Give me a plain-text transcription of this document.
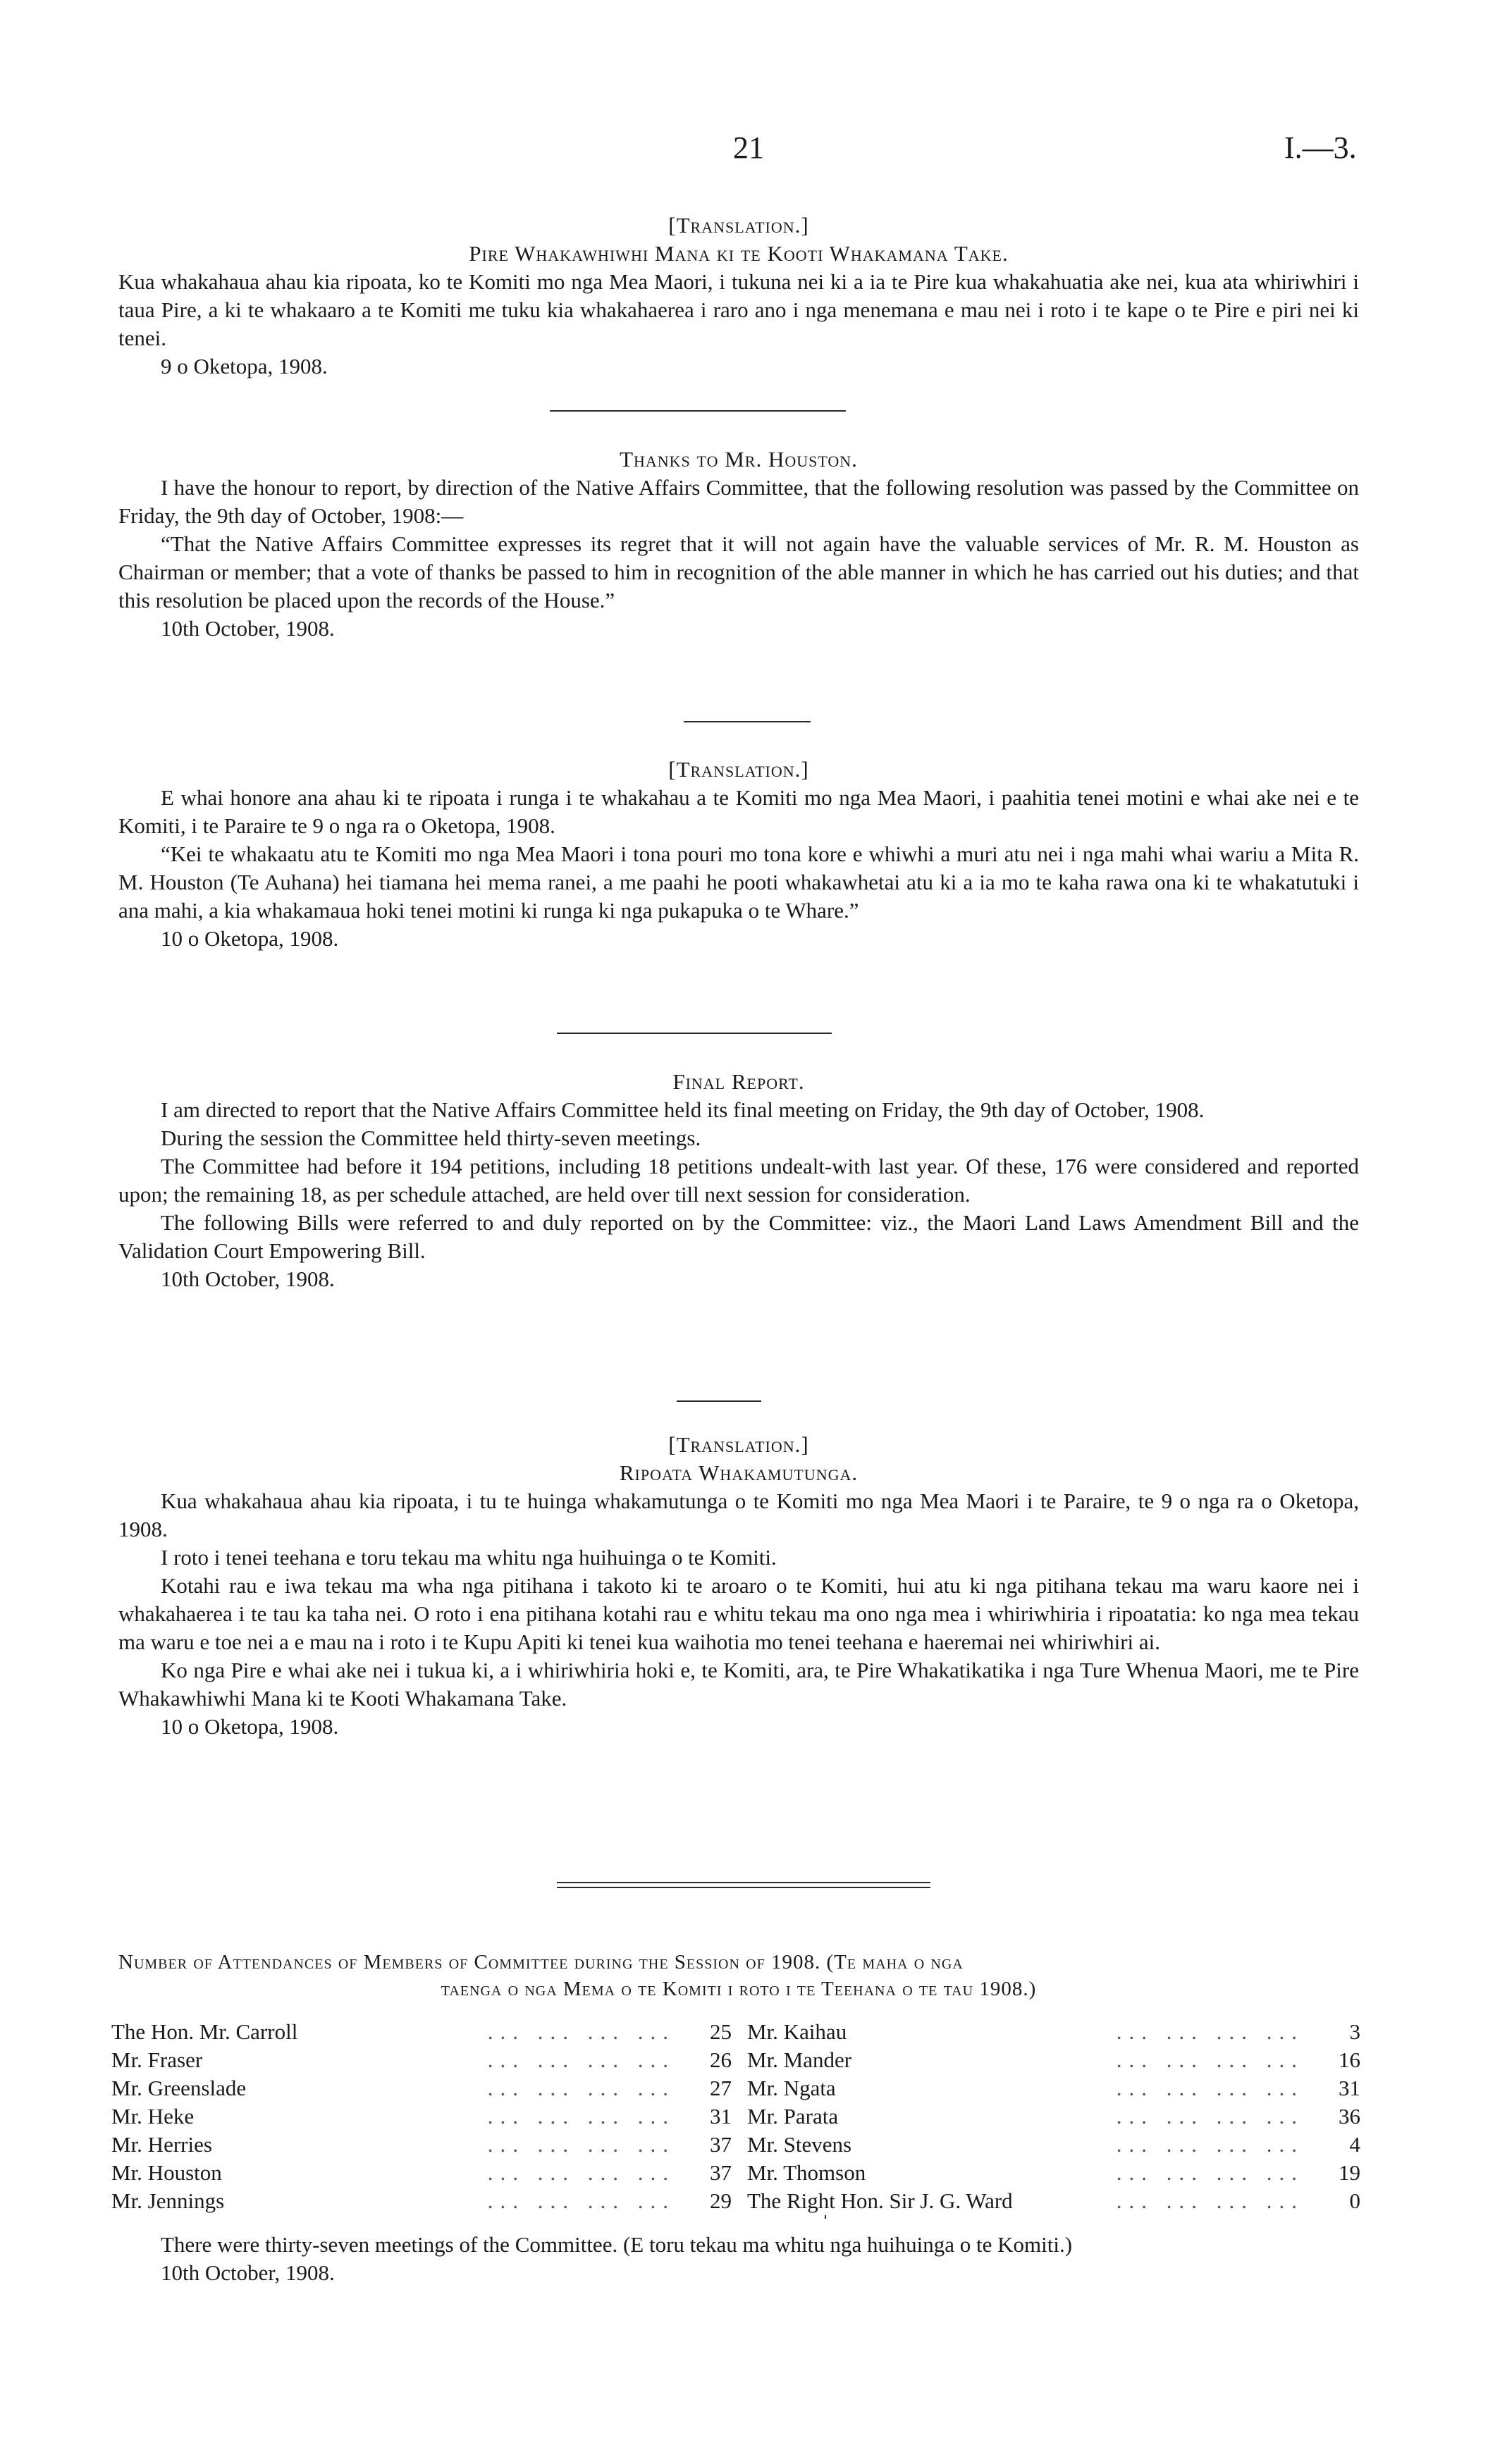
21	I.—3.
[Translation.]
Pire Whakawhiwhi Mana ki te Kooti Whakamana Take.

Kua whakahaua ahau kia ripoata, ko te Komiti mo nga Mea Maori, i tukuna nei ki a ia te Pire kua whakahuatia ake nei, kua ata whiriwhiri i taua Pire, a ki te whakaaro a te Komiti me tuku kia whakahaerea i raro ano i nga menemana e mau nei i roto i te kape o te Pire e piri nei ki tenei.

9 o Oketopa, 1908.

Thanks to Mr. Houston.

I have the honour to report, by direction of the Native Affairs Committee, that the following resolution was passed by the Committee on Friday, the 9th day of October, 1908:—

“That the Native Affairs Committee expresses its regret that it will not again have the valuable services of Mr. R. M. Houston as Chairman or member; that a vote of thanks be passed to him in recognition of the able manner in which he has carried out his duties; and that this resolution be placed upon the records of the House.”

10th October, 1908.

[Translation.]

E whai honore ana ahau ki te ripoata i runga i te whakahau a te Komiti mo nga Mea Maori, i paahitia tenei motini e whai ake nei e te Komiti, i te Paraire te 9 o nga ra o Oketopa, 1908.

“Kei te whakaatu atu te Komiti mo nga Mea Maori i tona pouri mo tona kore e whiwhi a muri atu nei i nga mahi whai wariu a Mita R. M. Houston (Te Auhana) hei tiamana hei mema ranei, a me paahi he pooti whakawhetai atu ki a ia mo te kaha rawa ona ki te whakatutuki i ana mahi, a kia whakamaua hoki tenei motini ki runga ki nga pukapuka o te Whare.”

10 o Oketopa, 1908.

Final Report.

I am directed to report that the Native Affairs Committee held its final meeting on Friday, the 9th day of October, 1908.

During the session the Committee held thirty-seven meetings.

The Committee had before it 194 petitions, including 18 petitions undealt-with last year. Of these, 176 were considered and reported upon; the remaining 18, as per schedule attached, are held over till next session for consideration.

The following Bills were referred to and duly reported on by the Committee: viz., the Maori Land Laws Amendment Bill and the Validation Court Empowering Bill.

10th October, 1908.

[Translation.]
Ripoata Whakamutunga.

Kua whakahaua ahau kia ripoata, i tu te huinga whakamutunga o te Komiti mo nga Mea Maori i te Paraire, te 9 o nga ra o Oketopa, 1908.

I roto i tenei teehana e toru tekau ma whitu nga huihuinga o te Komiti.

Kotahi rau e iwa tekau ma wha nga pitihana i takoto ki te aroaro o te Komiti, hui atu ki nga pitihana tekau ma waru kaore nei i whakahaerea i te tau ka taha nei. O roto i ena pitihana kotahi rau e whitu tekau ma ono nga mea i whiriwhiria i ripoatatia: ko nga mea tekau ma waru e toe nei a e mau na i roto i te Kupu Apiti ki tenei kua waihotia mo tenei teehana e haeremai nei whiriwhiri ai.

Ko nga Pire e whai ake nei i tukua ki, a i whiriwhiria hoki e, te Komiti, ara, te Pire Whakatikatika i nga Ture Whenua Maori, me te Pire Whakawhiwhi Mana ki te Kooti Whakamana Take.

10 o Oketopa, 1908.

Number of Attendances of Members of Committee during the Session of 1908. (Te maha o nga
taenga o nga Mema o te Komiti i roto i te Teehana o te tau 1908.)
... ... ... ...
The Hon. Mr. Carroll	25
... ... ... ...
Mr. Fraser	26
... ... ... ...
Mr. Greenslade	27
... ... ... ...
Mr. Heke	31
... ... ... ...
Mr. Herries	37
... ... ... ...
Mr. Houston	37
... ... ... ...
Mr. Jennings	29
... ... ... ...
Mr. Kaihau	3
... ... ... ...
Mr. Mander	16
... ... ... ...
Mr. Ngata	31
... ... ... ...
Mr. Parata	36
... ... ... ...
Mr. Stevens	4
... ... ... ...
Mr. Thomson	19
... ... ... ...
The Right Hon. Sir J. G. Ward	0

There were thirty-seven meetings of the Committee. (E toru tekau ma whitu nga huihuinga o te Komiti.)

10th October, 1908.
